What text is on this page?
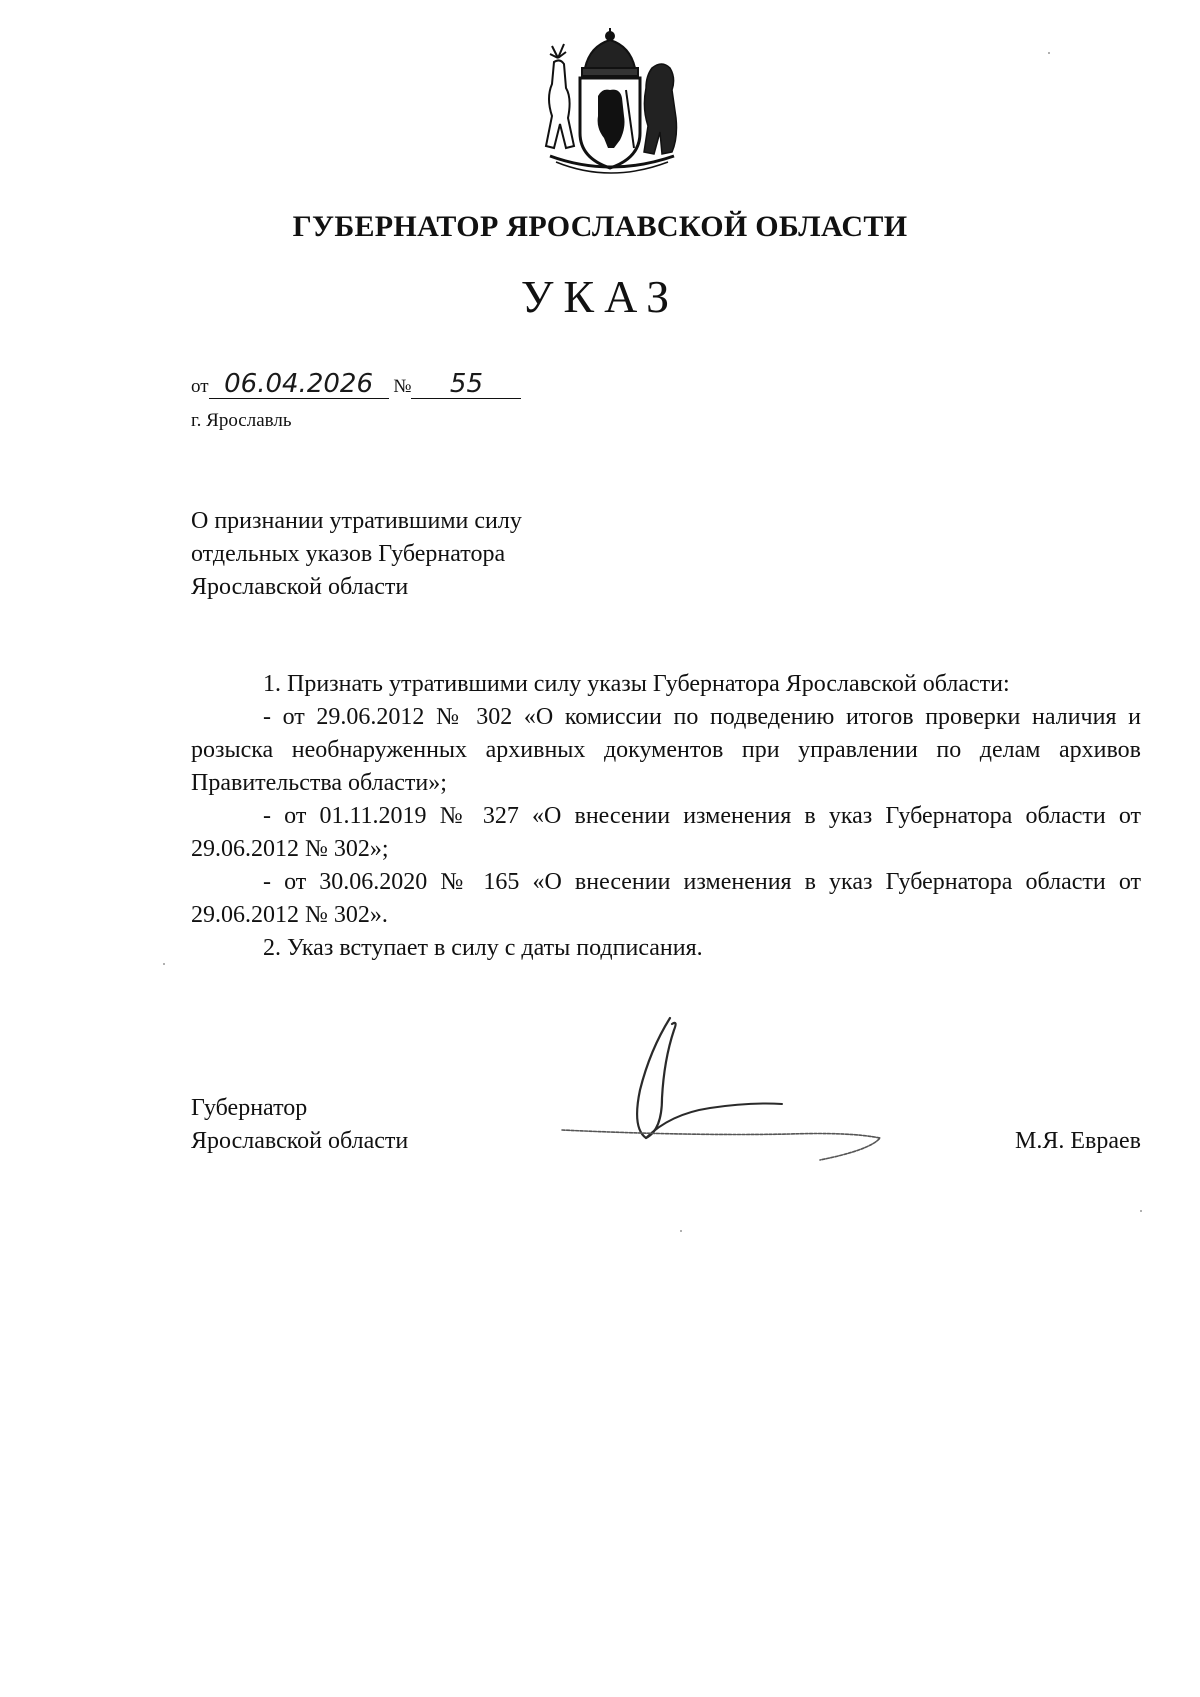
ГУБЕРНАТОР ЯРОСЛАВСКОЙ ОБЛАСТИ
УКАЗ
от 06.04.2026 № 55
г. Ярославль
О признании утратившими силу
отдельных указов Губернатора
Ярославской области

1. Признать утратившими силу указы Губернатора Ярославской области:

- от 29.06.2012 № 302 «О комиссии по подведению итогов проверки наличия и розыска необнаруженных архивных документов при управлении по делам архивов Правительства области»;

- от 01.11.2019 № 327 «О внесении изменения в указ Губернатора области от 29.06.2012 № 302»;

- от 30.06.2020 № 165 «О внесении изменения в указ Губернатора области от 29.06.2012 № 302».

2. Указ вступает в силу с даты подписания.

Губернатор
Ярославской области	М.Я. Евраев
